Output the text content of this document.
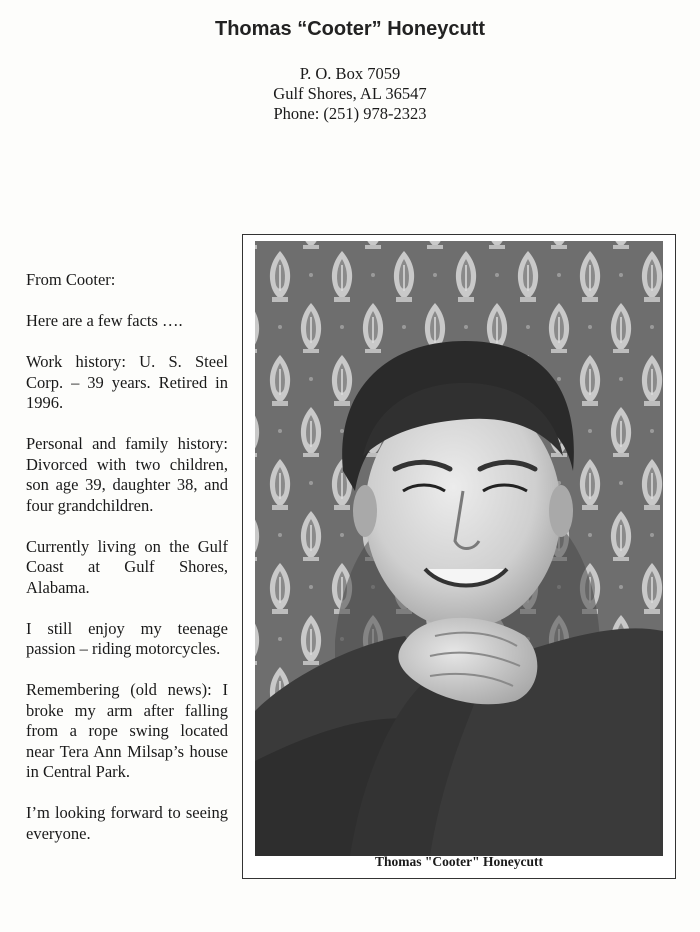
Thomas “Cooter” Honeycutt
P. O. Box 7059
Gulf Shores, AL 36547
Phone: (251) 978-2323

From Cooter:

Here are a few facts ….

Work history: U. S. Steel Corp. – 39 years. Retired in 1996.

Personal and family history: Divorced with two children, son age 39, daughter 38, and four grandchildren.

Currently living on the Gulf Coast at Gulf Shores, Alabama.

I still enjoy my teenage passion – riding motorcycles.

Remembering (old news): I broke my arm after falling from a rope swing located near Tera Ann Milsap’s house in Central Park.

I’m looking forward to seeing everyone.

Thomas "Cooter" Honeycutt
